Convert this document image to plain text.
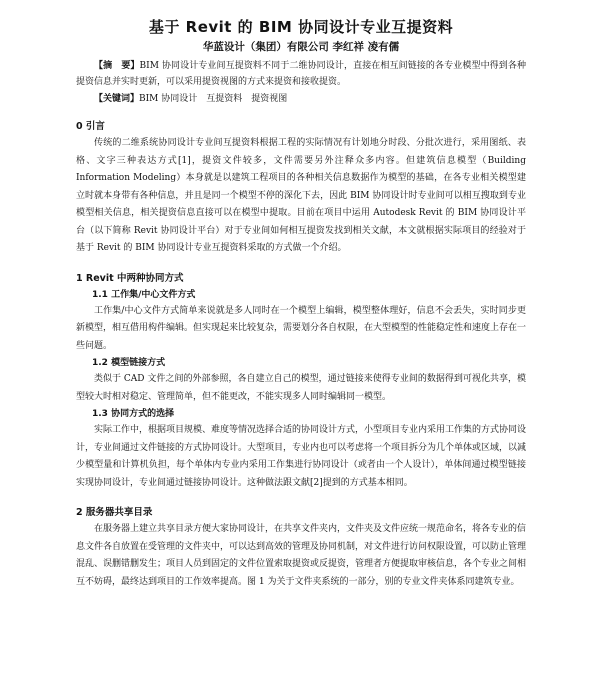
基于 Revit 的 BIM 协同设计专业互提资料
华蓝设计（集团）有限公司 李红祥 凌有儒

【摘　要】BIM 协同设计专业间互提资料不同于二维协同设计，直接在相互间链接的各专业模型中得到各种提资信息并实时更新，可以采用提资视图的方式来提资和接收提资。

【关键词】BIM 协同设计　互提资料　提资视图

0 引言

传统的二维系统协同设计专业间互提资料根据工程的实际情况有计划地分时段、分批次进行，采用图纸、表格、文字三种表达方式[1]，提资文件较多，文件需要另外注释众多内容。但建筑信息模型（Building Information Modeling）本身就是以建筑工程项目的各种相关信息数据作为模型的基础，在各专业相关模型建立时就本身带有各种信息，并且是同一个模型不停的深化下去，因此 BIM 协同设计时专业间可以相互搜取到专业模型相关信息，相关提资信息直接可以在模型中提取。目前在项目中运用 Autodesk Revit 的 BIM 协同设计平台（以下简称 Revit 协同设计平台）对于专业间如何相互提资发找到相关文献，本文就根据实际项目的经验对于基于 Revit 的 BIM 协同设计专业互提资料采取的方式做一个介绍。

1 Revit 中两种协同方式
1.1 工作集/中心文件方式

工作集/中心文件方式简单来说就是多人同时在一个模型上编辑，模型整体理好，信息不会丢失，实时同步更新模型，相互借用构件编辑。但实现起来比较复杂，需要划分各自权限，在大型模型的性能稳定性和速度上存在一些问题。

1.2 模型链接方式

类似于 CAD 文件之间的外部参照，各自建立自己的模型，通过链接来使得专业间的数据得到可视化共享，模型较大时相对稳定、管理简单，但不能更改，不能实现多人同时编辑同一模型。

1.3 协同方式的选择

实际工作中，根据项目规模、难度等情况选择合适的协同设计方式，小型项目专业内采用工作集的方式协同设计，专业间通过文件链接的方式协同设计。大型项目，专业内也可以考虑将一个项目拆分为几个单体或区域，以减少模型量和计算机负担，每个单体内专业内采用工作集进行协同设计（或者由一个人设计），单体间通过模型链接实现协同设计，专业间通过链接协同设计。这种做法跟文献[2]提到的方式基本相同。

2 服务器共享目录

在服务器上建立共享目录方便大家协同设计，在共享文件夹内，文件夹及文件应统一规范命名，将各专业的信息文件各自放置在受管理的文件夹中，可以达到高效的管理及协同机制，对文件进行访问权限设置，可以防止管理混乱、误删错删发生；项目人员到固定的文件位置索取提资或反提资，管理者方便提取审核信息，各个专业之间相互不妨碍，最终达到项目的工作效率提高。图 1 为关于文件夹系统的一部分，别的专业文件夹体系同建筑专业。
